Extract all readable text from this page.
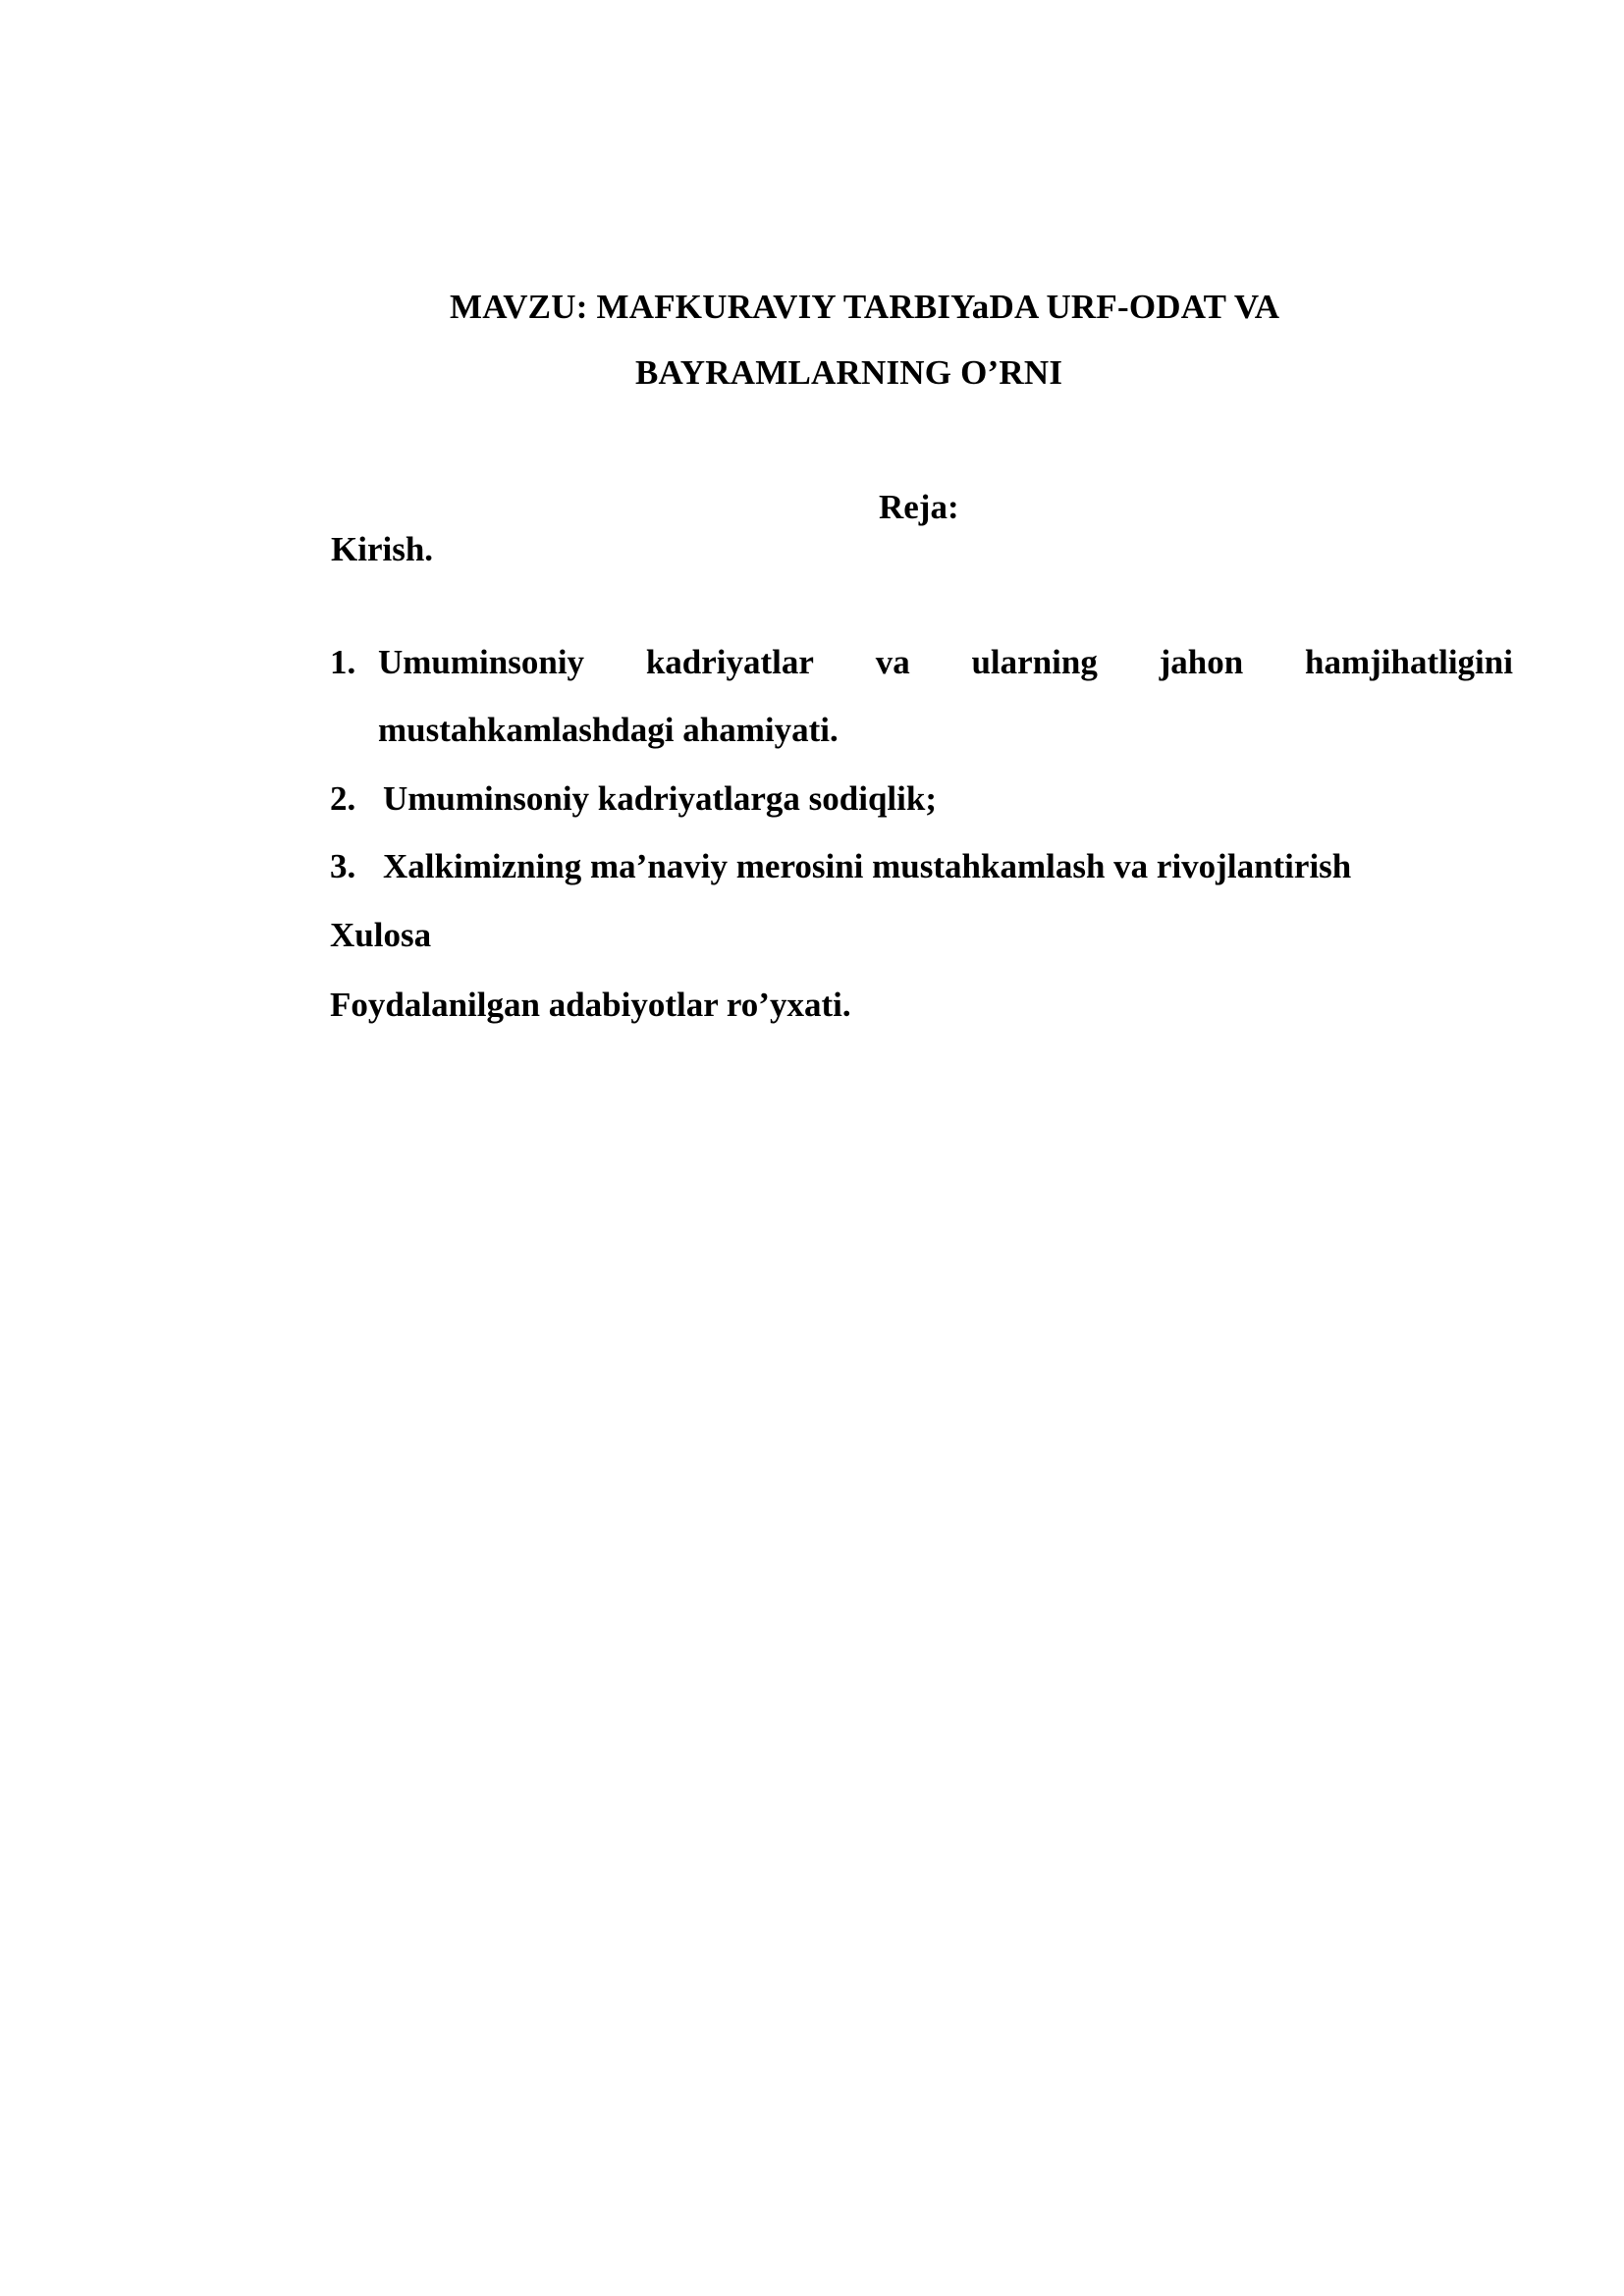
MAVZU: MAFKURAVIY TARBIYaDA URF-ODAT VA
BAYRAMLARNING O’RNI
Reja:
Kirish.
1. Umuminsoniy kadriyatlar va ularning jahon hamjihatligini
mustahkamlashdagi ahamiyati.
2. Umuminsoniy kadriyatlarga sodiqlik;
3. Xalkimizning ma’naviy merosini mustahkamlash va rivojlantirish
Xulosa
Foydalanilgan adabiyotlar ro’yxati.
